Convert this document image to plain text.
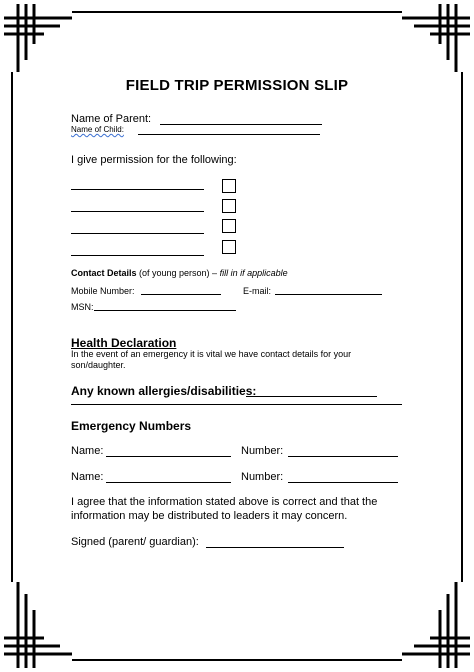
FIELD TRIP PERMISSION SLIP
Name of Parent:
Name of Child:
I give permission for the following:
Contact Details (of young person) – fill in if applicable
Mobile Number:	E-mail:
MSN:
Health Declaration
In the event of an emergency it is vital we have contact details for your
son/daughter.
Any known allergies/disabilities:
Emergency Numbers
Name:	Number:
Name:	Number:
I agree that the information stated above is correct and that the
information may be distributed to leaders it may concern.
Signed (parent/ guardian):
